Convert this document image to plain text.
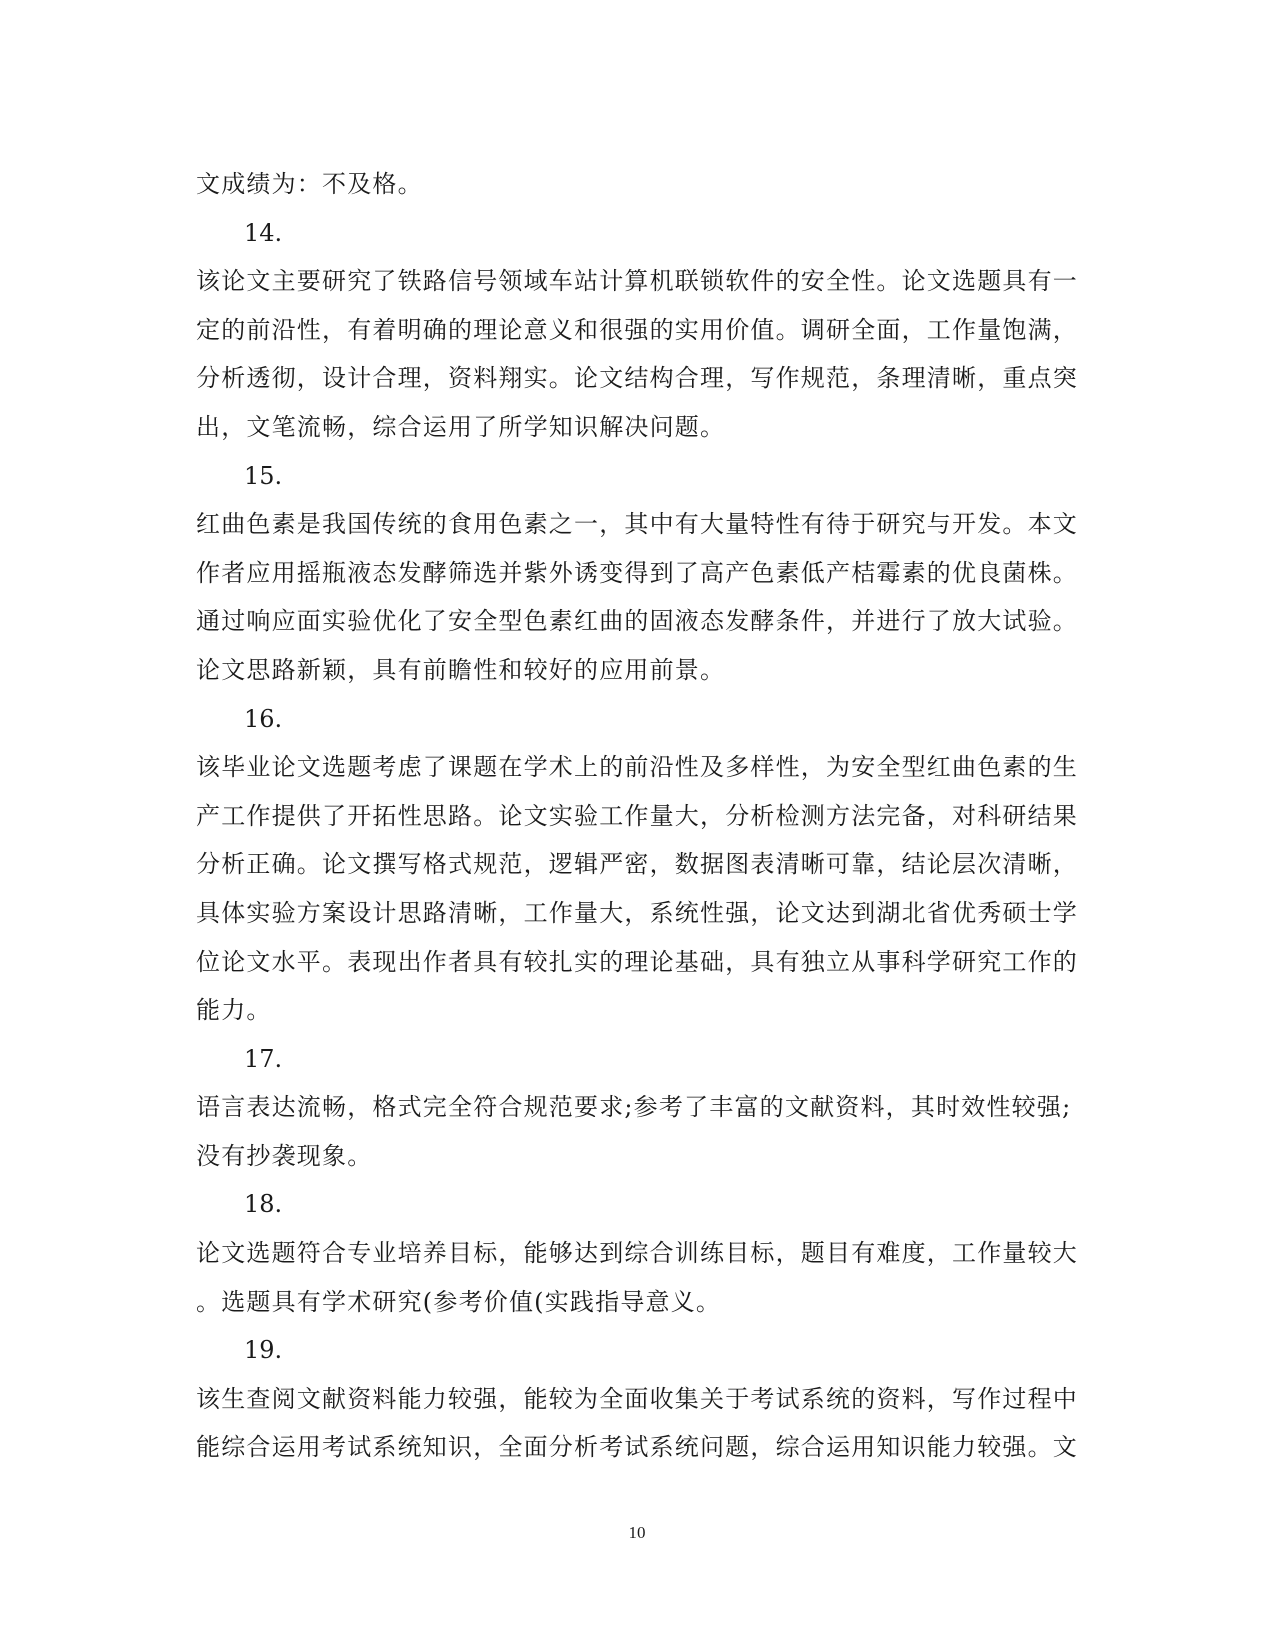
文成绩为：不及格。
14.
该论文主要研究了铁路信号领域车站计算机联锁软件的安全性。论文选题具有一
定的前沿性，有着明确的理论意义和很强的实用价值。调研全面，工作量饱满，
分析透彻，设计合理，资料翔实。论文结构合理，写作规范，条理清晰，重点突
出，文笔流畅，综合运用了所学知识解决问题。
15.
红曲色素是我国传统的食用色素之一，其中有大量特性有待于研究与开发。本文
作者应用摇瓶液态发酵筛选并紫外诱变得到了高产色素低产桔霉素的优良菌株。
通过响应面实验优化了安全型色素红曲的固液态发酵条件，并进行了放大试验。
论文思路新颖，具有前瞻性和较好的应用前景。
16.
该毕业论文选题考虑了课题在学术上的前沿性及多样性，为安全型红曲色素的生
产工作提供了开拓性思路。论文实验工作量大，分析检测方法完备，对科研结果
分析正确。论文撰写格式规范，逻辑严密，数据图表清晰可靠，结论层次清晰，
具体实验方案设计思路清晰，工作量大，系统性强，论文达到湖北省优秀硕士学
位论文水平。表现出作者具有较扎实的理论基础，具有独立从事科学研究工作的
能力。
17.
语言表达流畅，格式完全符合规范要求;参考了丰富的文献资料，其时效性较强;
没有抄袭现象。
18.
论文选题符合专业培养目标，能够达到综合训练目标，题目有难度，工作量较大
。选题具有学术研究(参考价值(实践指导意义。
19.
该生查阅文献资料能力较强，能较为全面收集关于考试系统的资料，写作过程中
能综合运用考试系统知识，全面分析考试系统问题，综合运用知识能力较强。文
10
